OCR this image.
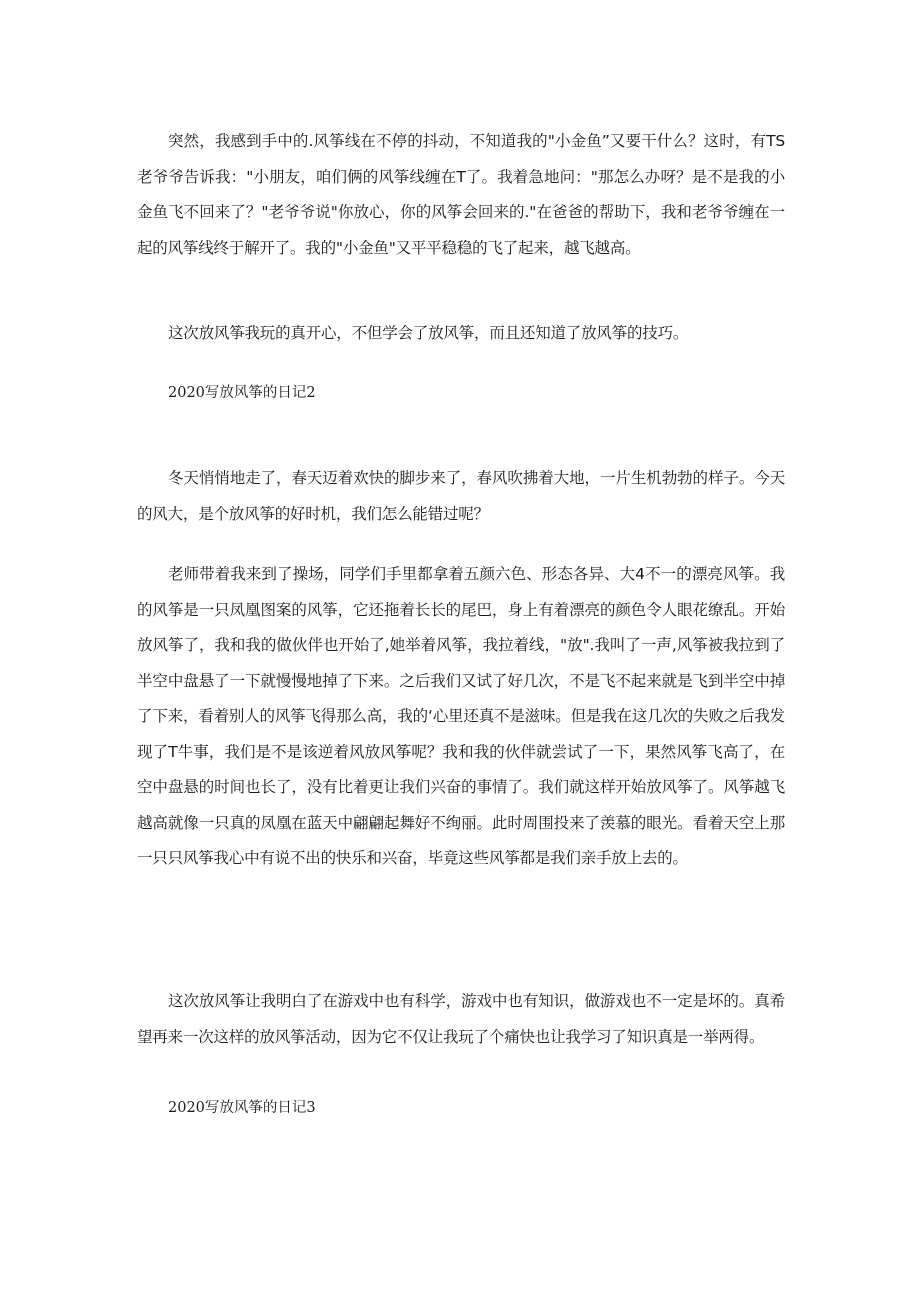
突然，我感到手中的.风筝线在不停的抖动，不知道我的"小金鱼”又要干什么？这时，有TS老爷爷告诉我："小朋友，咱们俩的风筝线缠在T了。我着急地问："那怎么办呀？是不是我的小金鱼飞不回来了？"老爷爷说"你放心，你的风筝会回来的."在爸爸的帮助下，我和老爷爷缠在一起的风筝线终于解开了。我的"小金鱼"又平平稳稳的飞了起来，越飞越高。

这次放风筝我玩的真开心，不但学会了放风筝，而且还知道了放风筝的技巧。

2020写放风筝的日记2

冬天悄悄地走了，春天迈着欢快的脚步来了，春风吹拂着大地，一片生机勃勃的样子。今天的风大，是个放风筝的好时机，我们怎么能错过呢？

老师带着我来到了操场，同学们手里都拿着五颜六色、形态各异、大4不一的漂亮风筝。我的风筝是一只凤凰图案的风筝，它还拖着长长的尾巴，身上有着漂亮的颜色令人眼花缭乱。开始放风筝了，我和我的做伙伴也开始了,她举着风筝，我拉着线，"放".我叫了一声,风筝被我拉到了半空中盘悬了一下就慢慢地掉了下来。之后我们又试了好几次，不是飞不起来就是飞到半空中掉了下来，看着别人的风筝飞得那么高，我的‘心里还真不是滋味。但是我在这几次的失败之后我发现了T牛事，我们是不是该逆着风放风筝呢？我和我的伙伴就尝试了一下，果然风筝飞高了，在空中盘悬的时间也长了，没有比着更让我们兴奋的事情了。我们就这样开始放风筝了。风筝越飞越高就像一只真的凤凰在蓝天中翩翩起舞好不绚丽。此时周围投来了羡慕的眼光。看着天空上那一只只风筝我心中有说不出的快乐和兴奋，毕竟这些风筝都是我们亲手放上去的。

这次放风筝让我明白了在游戏中也有科学，游戏中也有知识，做游戏也不一定是坏的。真希望再来一次这样的放风筝活动，因为它不仅让我玩了个痛快也让我学习了知识真是一举两得。

2020写放风筝的日记3
